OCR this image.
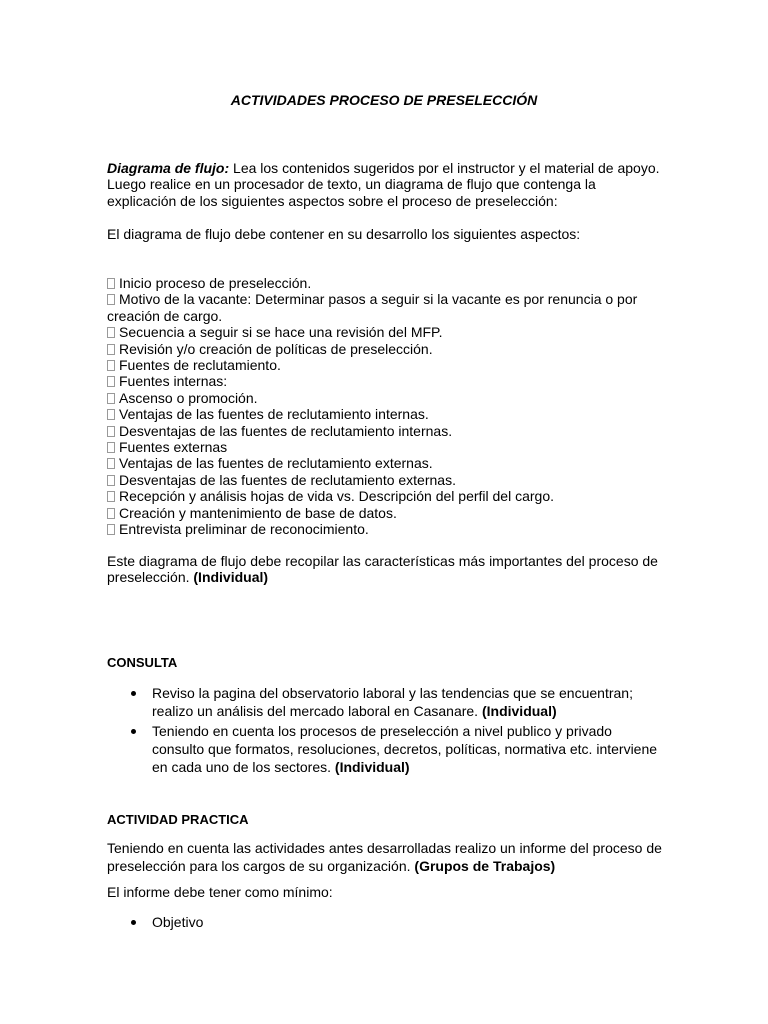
ACTIVIDADES PROCESO DE PRESELECCIÓN
Diagrama de flujo: Lea los contenidos sugeridos por el instructor y el material de apoyo. Luego realice en un procesador de texto, un diagrama de flujo que contenga la explicación de los siguientes aspectos sobre el proceso de preselección:
El diagrama de flujo debe contener en su desarrollo los siguientes aspectos:
Inicio proceso de preselección.
Motivo de la vacante: Determinar pasos a seguir si la vacante es por renuncia o por creación de cargo.
Secuencia a seguir si se hace una revisión del MFP.
Revisión y/o creación de políticas de preselección.
Fuentes de reclutamiento.
Fuentes internas:
Ascenso o promoción.
Ventajas de las fuentes de reclutamiento internas.
Desventajas de las fuentes de reclutamiento internas.
Fuentes externas
Ventajas de las fuentes de reclutamiento externas.
Desventajas de las fuentes de reclutamiento externas.
Recepción y análisis hojas de vida vs. Descripción del perfil del cargo.
Creación y mantenimiento de base de datos.
Entrevista preliminar de reconocimiento.
Este diagrama de flujo debe recopilar las características más importantes del proceso de preselección. (Individual)
CONSULTA
Reviso la pagina del observatorio laboral y las tendencias que se encuentran; realizo un análisis del mercado laboral en Casanare. (Individual)
Teniendo en cuenta los procesos de preselección a nivel publico y privado consulto que formatos, resoluciones, decretos, políticas, normativa etc. interviene en cada uno de los sectores. (Individual)
ACTIVIDAD PRACTICA
Teniendo en cuenta las actividades antes desarrolladas realizo un informe del proceso de preselección para los cargos de su organización. (Grupos de Trabajos)
El informe debe tener como mínimo:
Objetivo
